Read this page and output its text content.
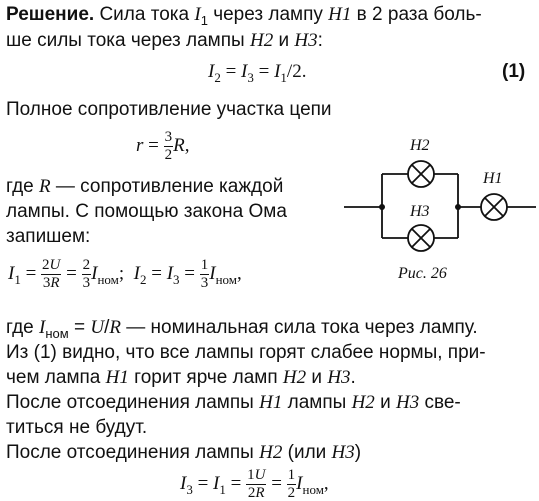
Решение. Сила тока $I_1$ через лампу H1 в 2 раза боль-
ше силы тока через лампы H2 и H3:
$I_2 = I_3 = I_1/2$.	(1)
Полное сопротивление участка цепи
$r = \frac{3}{2} R$,
где R — сопротивление каждой
лампы. С помощью закона Ома
запишем:
$I_1 = \frac{2U}{3R} = \frac{2}{3} I_{ном}$; $I_2 = I_3 = \frac{1}{3} I_{ном}$,
H2
H3
H1
Рис. 26
где $I_{ном} = U/R$ — номинальная сила тока через лампу.
Из (1) видно, что все лампы горят слабее нормы, при-
чем лампа H1 горит ярче ламп H2 и H3.
После отсоединения лампы H1 лампы H2 и H3 све-
титься не будут.
После отсоединения лампы H2 (или H3)
$I_3 = I_1 = \frac{1U}{2R} = \frac{1}{2} I_{ном}$,
